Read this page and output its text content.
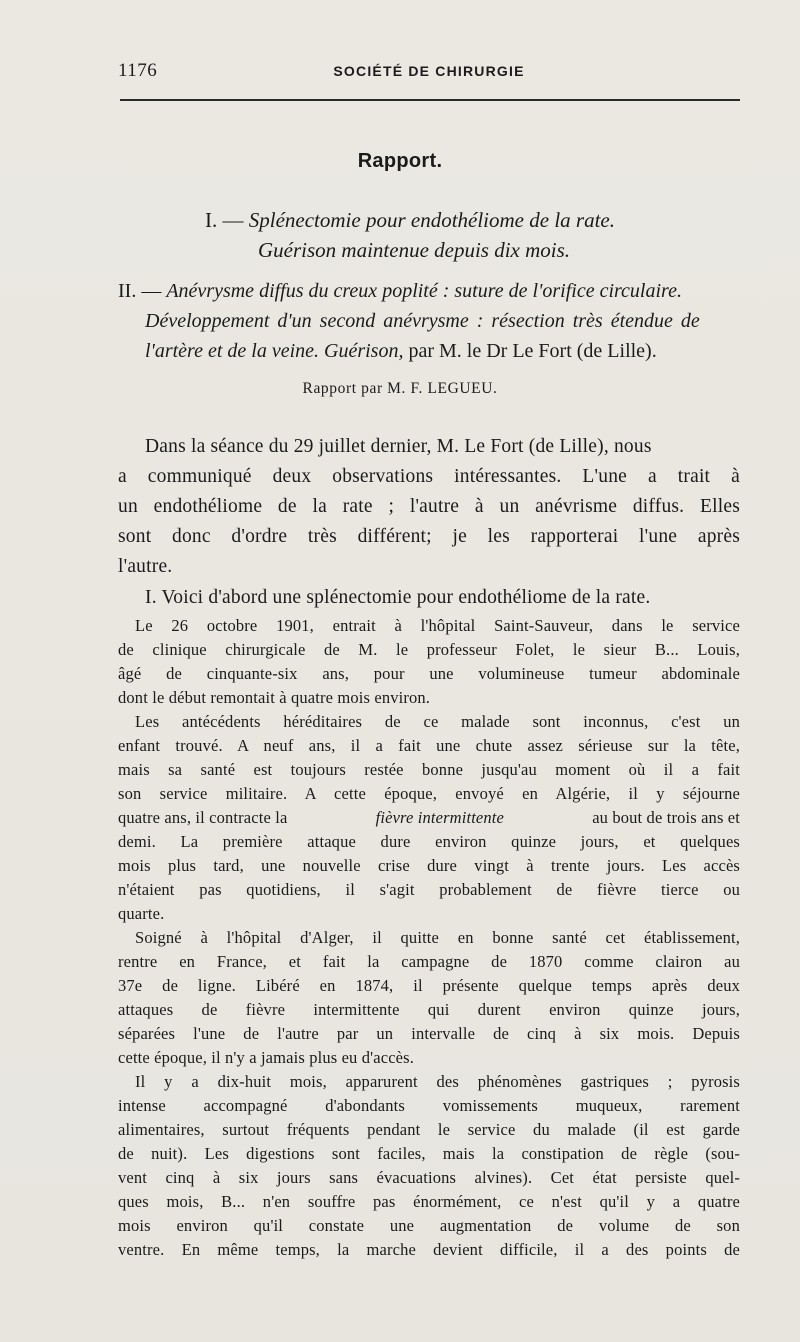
1176	SOCIÉTÉ DE CHIRURGIE
Rapport.
I. — Splénectomie pour endothéliome de la rate.
Guérison maintenue depuis dix mois.
II. — Anévrysme diffus du creux poplité : suture de l'orifice circulaire.
Développement d'un second anévrysme : résection très étendue de
l'artère et de la veine. Guérison, par M. le Dr Le Fort (de Lille).
Rapport par M. F. LEGUEU.
Dans la séance du 29 juillet dernier, M. Le Fort (de Lille), nous
a communiqué deux observations intéressantes. L'une a trait à
un endothéliome de la rate ; l'autre à un anévrisme diffus. Elles
sont donc d'ordre très différent; je les rapporterai l'une après
l'autre.
I. Voici d'abord une splénectomie pour endothéliome de la rate.
Le 26 octobre 1901, entrait à l'hôpital Saint-Sauveur, dans le service
de clinique chirurgicale de M. le professeur Folet, le sieur B... Louis,
âgé de cinquante-six ans, pour une volumineuse tumeur abdominale
dont le début remontait à quatre mois environ.
Les antécédents héréditaires de ce malade sont inconnus, c'est un
enfant trouvé. A neuf ans, il a fait une chute assez sérieuse sur la tête,
mais sa santé est toujours restée bonne jusqu'au moment où il a fait
son service militaire. A cette époque, envoyé en Algérie, il y séjourne
quatre ans, il contracte la	fièvre intermittente	au bout de trois ans et
demi. La première attaque dure environ quinze jours, et quelques
mois plus tard, une nouvelle crise dure vingt à trente jours. Les accès
n'étaient pas quotidiens, il s'agit probablement de fièvre tierce ou
quarte.
Soigné à l'hôpital d'Alger, il quitte en bonne santé cet établissement,
rentre en France, et fait la campagne de 1870 comme clairon au
37e de ligne. Libéré en 1874, il présente quelque temps après deux
attaques de fièvre intermittente qui durent environ quinze jours,
séparées l'une de l'autre par un intervalle de cinq à six mois. Depuis
cette époque, il n'y a jamais plus eu d'accès.
Il y a dix-huit mois, apparurent des phénomènes gastriques ; pyrosis
intense accompagné d'abondants vomissements muqueux, rarement
alimentaires, surtout fréquents pendant le service du malade (il est garde
de nuit). Les digestions sont faciles, mais la constipation de règle (sou-
vent cinq à six jours sans évacuations alvines). Cet état persiste quel-
ques mois, B... n'en souffre pas énormément, ce n'est qu'il y a quatre
mois environ qu'il constate une augmentation de volume de son
ventre. En même temps, la marche devient difficile, il a des points de
